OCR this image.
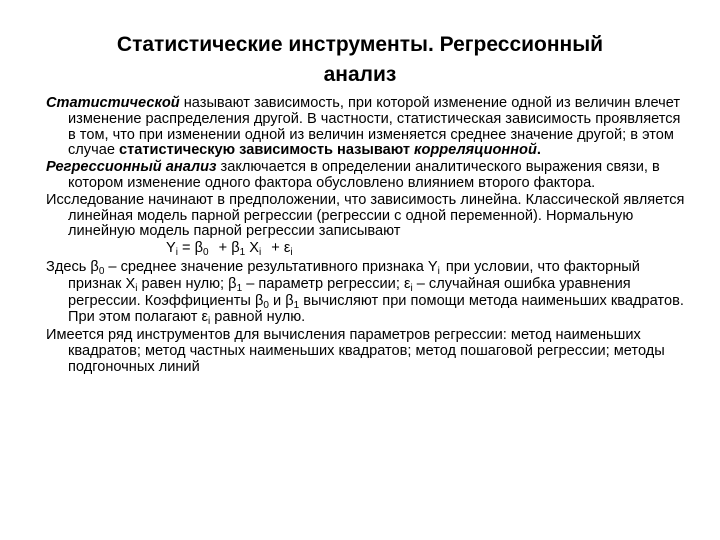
Статистические инструменты. Регрессионный
анализ

Статистической называют зависимость, при которой изменение одной из величин влечет изменение распределения другой. В частности, статистическая зависимость проявляется в том, что при изменении одной из величин изменяется среднее значение другой; в этом случае статистическую зависимость называют корреляционной.

Регрессионный анализ заключается в определении аналитического выражения связи, в котором изменение одного фактора обусловлено влиянием второго фактора.

Исследование начинают в предположении, что зависимость линейна. Классической является линейная модель парной регрессии (регрессии с одной переменной). Нормальную линейную модель парной регрессии записывают

$Y_i = \beta_0 + \beta_1$ $X_i + \varepsilon_i$

Здесь $\beta_0$ – среднее значение результативного признака $Y_i$ при условии, что факторный признак $X_i$ равен нулю; $\beta_1$ – параметр регрессии; $\varepsilon_i$ – случайная ошибка уравнения регрессии. Коэффициенты $\beta_0$ и $\beta_1$ вычисляют при помощи метода наименьших квадратов. При этом полагают $\varepsilon_i$ равной нулю.

Имеется ряд инструментов для вычисления параметров регрессии: метод наименьших квадратов; метод частных наименьших квадратов; метод пошаговой регрессии; методы подгоночных линий
